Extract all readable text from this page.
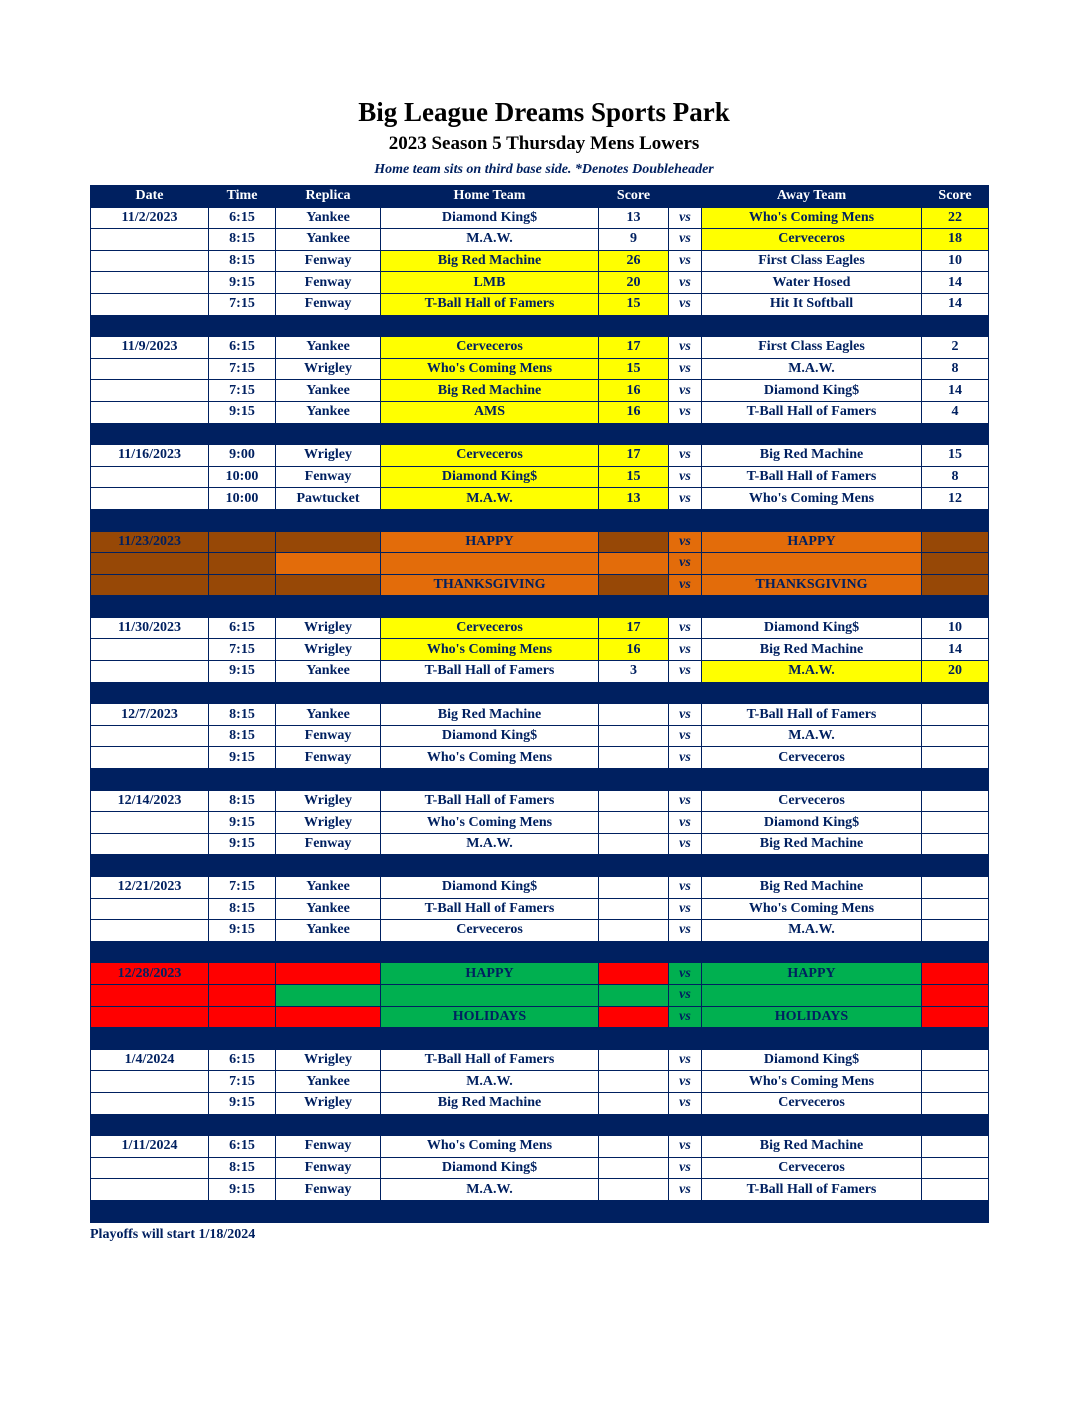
Big League Dreams Sports Park
2023 Season 5 Thursday Mens Lowers
Home team sits on third base side. *Denotes Doubleheader
Date	Time	Replica	Home Team	Score		Away Team	Score
11/2/2023	6:15	Yankee	Diamond King$	13	vs	Who's Coming Mens	22
	8:15	Yankee	M.A.W.	9	vs	Cerveceros	18
	8:15	Fenway	Big Red Machine	26	vs	First Class Eagles	10
	9:15	Fenway	LMB	20	vs	Water Hosed	14
	7:15	Fenway	T-Ball Hall of Famers	15	vs	Hit It Softball	14

11/9/2023	6:15	Yankee	Cerveceros	17	vs	First Class Eagles	2
	7:15	Wrigley	Who's Coming Mens	15	vs	M.A.W.	8
	7:15	Yankee	Big Red Machine	16	vs	Diamond King$	14
	9:15	Yankee	AMS	16	vs	T-Ball Hall of Famers	4

11/16/2023	9:00	Wrigley	Cerveceros	17	vs	Big Red Machine	15
	10:00	Fenway	Diamond King$	15	vs	T-Ball Hall of Famers	8
	10:00	Pawtucket	M.A.W.	13	vs	Who's Coming Mens	12

11/23/2023			HAPPY		vs	HAPPY	
					vs		
			THANKSGIVING		vs	THANKSGIVING	

11/30/2023	6:15	Wrigley	Cerveceros	17	vs	Diamond King$	10
	7:15	Wrigley	Who's Coming Mens	16	vs	Big Red Machine	14
	9:15	Yankee	T-Ball Hall of Famers	3	vs	M.A.W.	20

12/7/2023	8:15	Yankee	Big Red Machine		vs	T-Ball Hall of Famers	
	8:15	Fenway	Diamond King$		vs	M.A.W.	
	9:15	Fenway	Who's Coming Mens		vs	Cerveceros	

12/14/2023	8:15	Wrigley	T-Ball Hall of Famers		vs	Cerveceros	
	9:15	Wrigley	Who's Coming Mens		vs	Diamond King$	
	9:15	Fenway	M.A.W.		vs	Big Red Machine	

12/21/2023	7:15	Yankee	Diamond King$		vs	Big Red Machine	
	8:15	Yankee	T-Ball Hall of Famers		vs	Who's Coming Mens	
	9:15	Yankee	Cerveceros		vs	M.A.W.	

12/28/2023			HAPPY		vs	HAPPY	
					vs		
			HOLIDAYS		vs	HOLIDAYS	

1/4/2024	6:15	Wrigley	T-Ball Hall of Famers		vs	Diamond King$	
	7:15	Yankee	M.A.W.		vs	Who's Coming Mens	
	9:15	Wrigley	Big Red Machine		vs	Cerveceros	

1/11/2024	6:15	Fenway	Who's Coming Mens		vs	Big Red Machine	
	8:15	Fenway	Diamond King$		vs	Cerveceros	
	9:15	Fenway	M.A.W.		vs	T-Ball Hall of Famers	

Playoffs will start 1/18/2024
